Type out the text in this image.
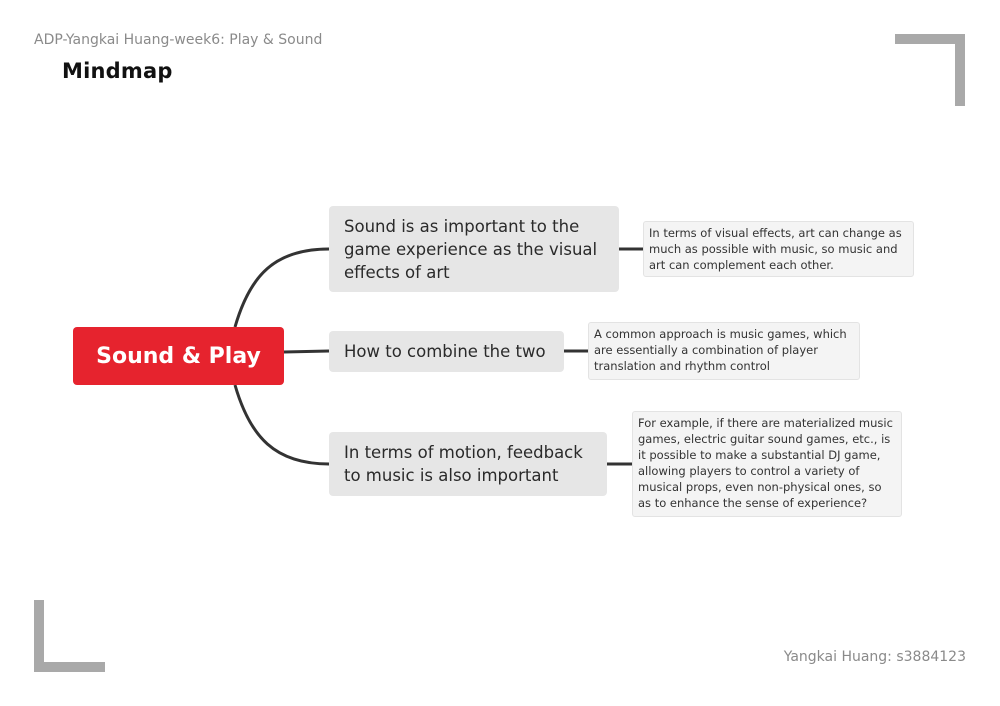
ADP-Yangkai Huang-week6: Play & Sound
Mindmap
Sound & Play
Sound is as important to the game experience as the visual effects of art
How to combine the two
In terms of motion, feedback to music is also important
In terms of visual effects, art can change as much as possible with music, so music and art can complement each other.
A common approach is music games, which are essentially a combination of player translation and rhythm control
For example, if there are materialized music games, electric guitar sound games, etc., is it possible to make a substantial DJ game, allowing players to control a variety of musical props, even non-physical ones, so as to enhance the sense of experience?
Yangkai Huang: s3884123
